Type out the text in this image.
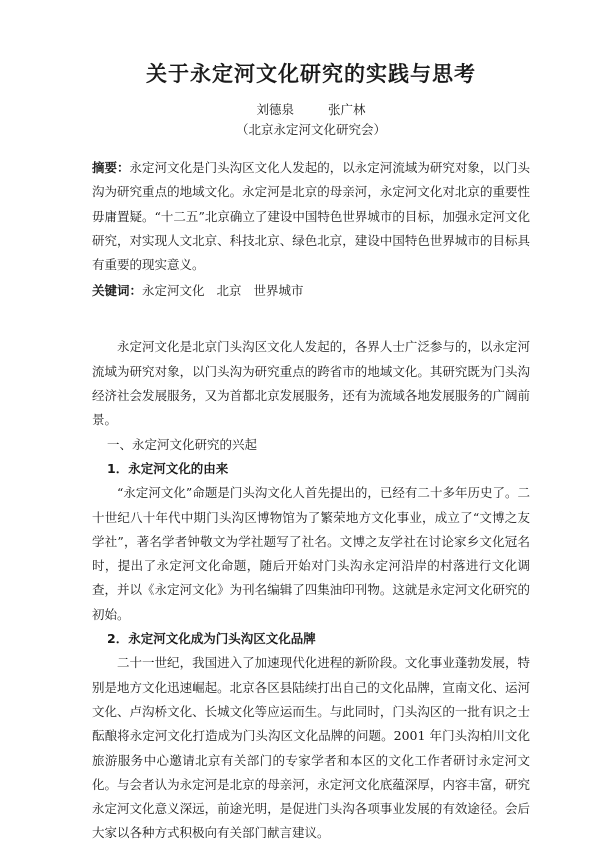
关于永定河文化研究的实践与思考
刘德泉	张广林
（北京永定河文化研究会）
摘要：永定河文化是门头沟区文化人发起的，以永定河流域为研究对象，以门头沟为研究重点的地域文化。永定河是北京的母亲河，永定河文化对北京的重要性毋庸置疑。“十二五”北京确立了建设中国特色世界城市的目标，加强永定河文化研究，对实现人文北京、科技北京、绿色北京，建设中国特色世界城市的目标具有重要的现实意义。
关键词：永定河文化 北京 世界城市

永定河文化是北京门头沟区文化人发起的，各界人士广泛参与的，以永定河流域为研究对象，以门头沟为研究重点的跨省市的地域文化。其研究既为门头沟经济社会发展服务，又为首都北京发展服务，还有为流域各地发展服务的广阔前景。

一、永定河文化研究的兴起

1．永定河文化的由来

“永定河文化”命题是门头沟文化人首先提出的，已经有二十多年历史了。二十世纪八十年代中期门头沟区博物馆为了繁荣地方文化事业，成立了“文博之友学社”，著名学者钟敬文为学社题写了社名。文博之友学社在讨论家乡文化冠名时，提出了永定河文化命题，随后开始对门头沟永定河沿岸的村落进行文化调查，并以《永定河文化》为刊名编辑了四集油印刊物。这就是永定河文化研究的初始。

2．永定河文化成为门头沟区文化品牌

二十一世纪，我国进入了加速现代化进程的新阶段。文化事业蓬勃发展，特别是地方文化迅速崛起。北京各区县陆续打出自己的文化品牌，宣南文化、运河文化、卢沟桥文化、长城文化等应运而生。与此同时，门头沟区的一批有识之士酝酿将永定河文化打造成为门头沟区文化品牌的问题。2001 年门头沟柏川文化旅游服务中心邀请北京有关部门的专家学者和本区的文化工作者研讨永定河文化。与会者认为永定河是北京的母亲河，永定河文化底蕴深厚，内容丰富，研究永定河文化意义深远，前途光明，是促进门头沟各项事业发展的有效途径。会后大家以各种方式积极向有关部门献言建议。
